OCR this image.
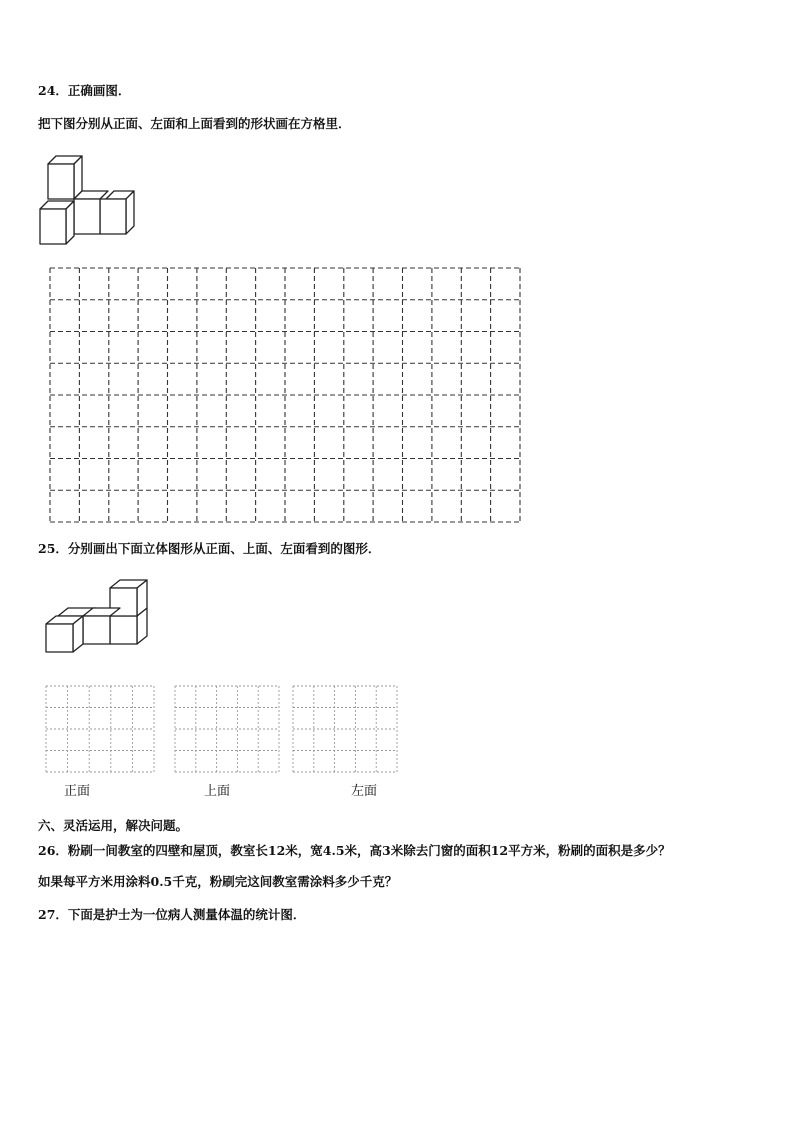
24．正确画图．
把下图分别从正面、左面和上面看到的形状画在方格里．
25．分别画出下面立体图形从正面、上面、左面看到的图形．
正面	上面	左面
六、灵活运用，解决问题。
26．粉刷一间教室的四壁和屋顶，教室长12米，宽4.5米，高3米除去门窗的面积12平方米，粉刷的面积是多少？
如果每平方米用涂料0.5千克，粉刷完这间教室需涂料多少千克？
27．下面是护士为一位病人测量体温的统计图．
